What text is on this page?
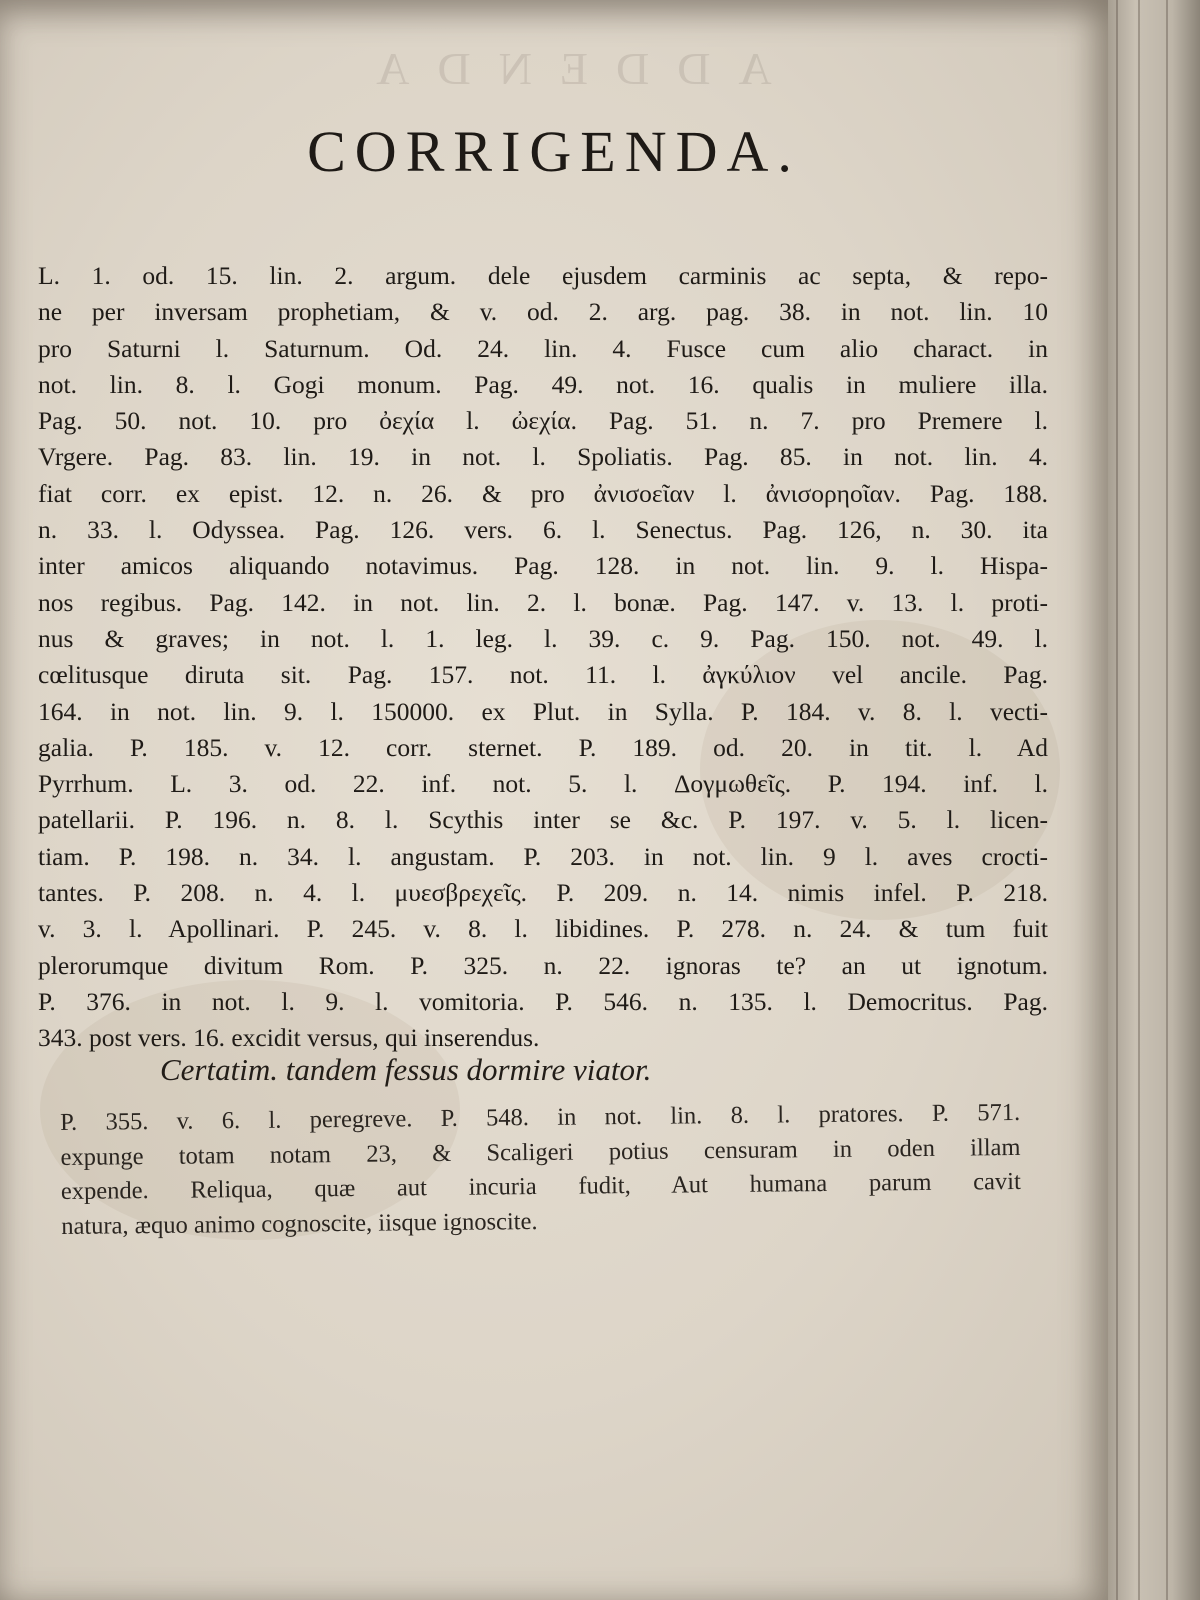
ADDENDA
CORRIGENDA.
L. 1. od. 15. lin. 2. argum. dele ejusdem carminis ac septa, & repo-
ne per inversam prophetiam, & v. od. 2. arg. pag. 38. in not. lin. 10
pro Saturni l. Saturnum. Od. 24. lin. 4. Fusce cum alio charact. in
not. lin. 8. l. Gogi monum. Pag. 49. not. 16. qualis in muliere illa.
Pag. 50. not. 10. pro ὀεχία l. ὠεχία. Pag. 51. n. 7. pro Premere l.
Vrgere. Pag. 83. lin. 19. in not. l. Spoliatis. Pag. 85. in not. lin. 4.
fiat corr. ex epist. 12. n. 26. & pro ἀνισοεῖαν l. ἀνισορηοῖαν. Pag. 188.
n. 33. l. Odyssea. Pag. 126. vers. 6. l. Senectus. Pag. 126, n. 30. ita
inter amicos aliquando notavimus. Pag. 128. in not. lin. 9. l. Hispa-
nos regibus. Pag. 142. in not. lin. 2. l. bonæ. Pag. 147. v. 13. l. proti-
nus & graves; in not. l. 1. leg. l. 39. c. 9. Pag. 150. not. 49. l.
cœlitusque diruta sit. Pag. 157. not. 11. l. ἀγκύλιον vel ancile. Pag.
164. in not. lin. 9. l. 150000. ex Plut. in Sylla. P. 184. v. 8. l. vecti-
galia. P. 185. v. 12. corr. sternet. P. 189. od. 20. in tit. l. Ad
Pyrrhum. L. 3. od. 22. inf. not. 5. l. Δογμωθεῖς. P. 194. inf. l.
patellarii. P. 196. n. 8. l. Scythis inter se &c. P. 197. v. 5. l. licen-
tiam. P. 198. n. 34. l. angustam. P. 203. in not. lin. 9 l. aves crocti-
tantes. P. 208. n. 4. l. μυεσβρεχεῖς. P. 209. n. 14. nimis infel. P. 218.
v. 3. l. Apollinari. P. 245. v. 8. l. libidines. P. 278. n. 24. & tum fuit
plerorumque divitum Rom. P. 325. n. 22. ignoras te? an ut ignotum.
P. 376. in not. l. 9. l. vomitoria. P. 546. n. 135. l. Democritus. Pag.
343. post vers. 16. excidit versus, qui inserendus.
Certatim. tandem fessus dormire viator.
P. 355. v. 6. l. peregreve. P. 548. in not. lin. 8. l. pratores. P. 571.
expunge totam notam 23, & Scaligeri potius censuram in oden illam
expende. Reliqua, quæ aut incuria fudit, Aut humana parum cavit
natura, æquo animo cognoscite, iisque ignoscite.
